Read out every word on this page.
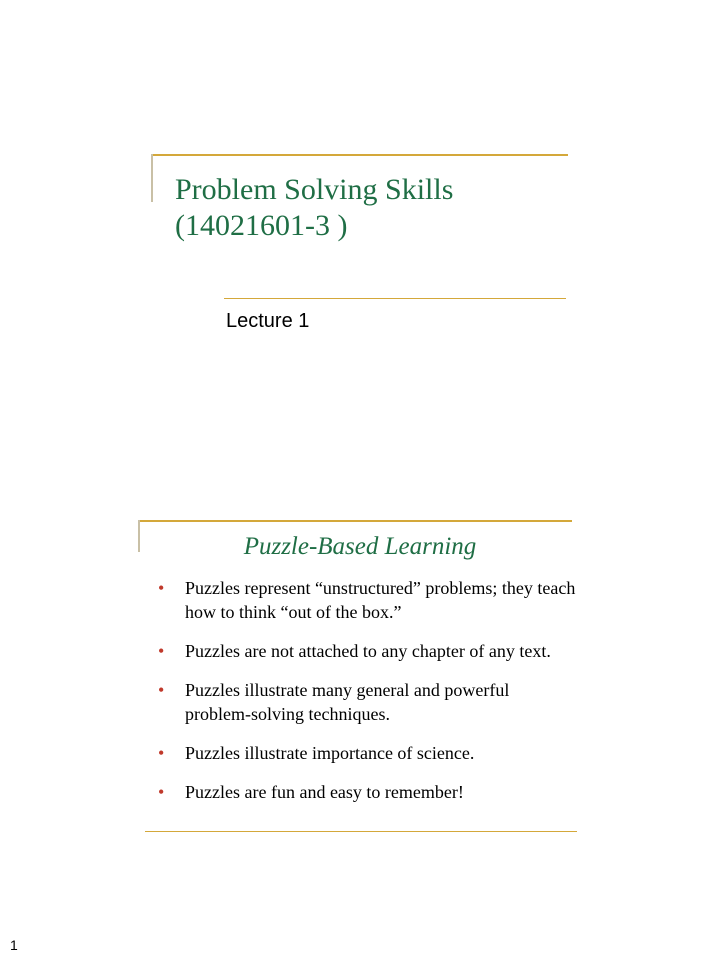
Problem Solving Skills
(14021601-3 )
Lecture 1
Puzzle-Based Learning
• Puzzles represent “unstructured” problems; they teach how to think “out of the box.”
• Puzzles are not attached to any chapter of any text.
• Puzzles illustrate many general and powerful problem-solving techniques.
• Puzzles illustrate importance of science.
• Puzzles are fun and easy to remember!
1
